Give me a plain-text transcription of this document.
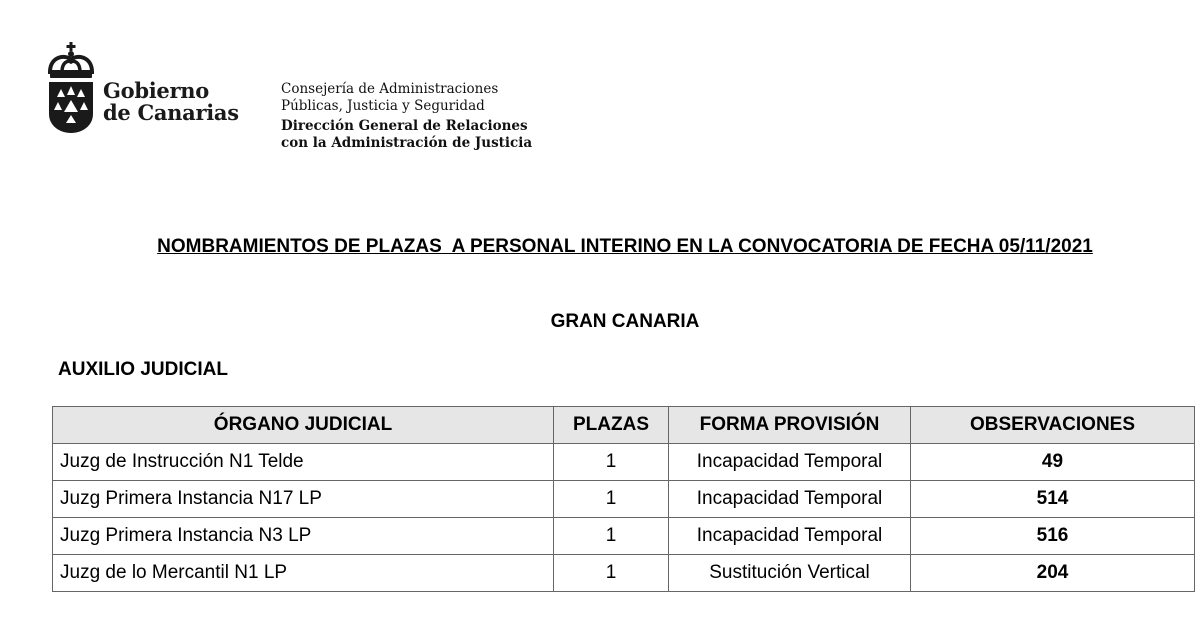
Gobierno
de Canarias
Consejería de Administraciones
Públicas, Justicia y Seguridad
Dirección General de Relaciones
con la Administración de Justicia
NOMBRAMIENTOS DE PLAZAS  A PERSONAL INTERINO EN LA CONVOCATORIA DE FECHA 05/11/2021
GRAN CANARIA
AUXILIO JUDICIAL
ÓRGANO JUDICIAL	PLAZAS	FORMA PROVISIÓN	OBSERVACIONES
Juzg de Instrucción N1 Telde	1	Incapacidad Temporal	49
Juzg Primera Instancia N17 LP	1	Incapacidad Temporal	514
Juzg Primera Instancia N3 LP	1	Incapacidad Temporal	516
Juzg de lo Mercantil N1 LP	1	Sustitución Vertical	204
